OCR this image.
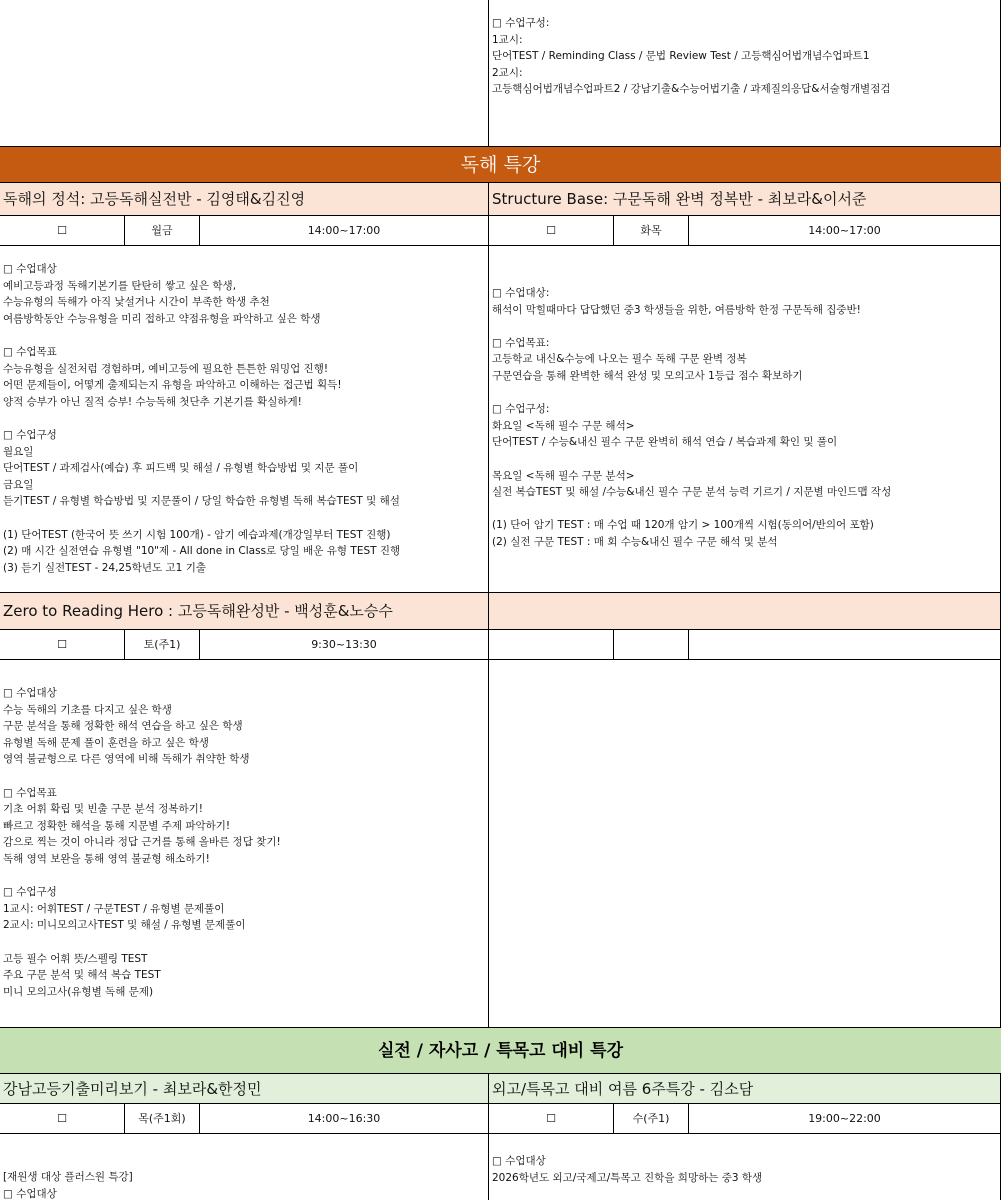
□ 수업구성:
1교시:
단어TEST / Reminding Class / 문법 Review Test / 고등핵심어법개념수업파트1
2교시:
고등핵심어법개념수업파트2 / 강남기출&수능어법기출 / 과제질의응답&서술형개별점검
독해 특강
독해의 정석: 고등독해실전반 - 김영태&김진영	Structure Base: 구문독해 완벽 정복반 - 최보라&이서준
☐	월금	14:00~17:00	☐	화목	14:00~17:00
□ 수업대상
예비고등과정 독해기본기를 탄탄히 쌓고 싶은 학생,
수능유형의 독해가 아직 낯설거나 시간이 부족한 학생 추천
여름방학동안 수능유형을 미리 접하고 약점유형을 파악하고 싶은 학생

□ 수업목표
수능유형을 실전처럼 경험하며, 예비고등에 필요한 튼튼한 워밍업 진행!
어떤 문제들이, 어떻게 출제되는지 유형을 파악하고 이해하는 접근법 획득!
양적 승부가 아닌 질적 승부! 수능독해 첫단추 기본기를 확실하게!

□ 수업구성
월요일
단어TEST / 과제검사(예습) 후 피드백 및 해설 / 유형별 학습방법 및 지문 풀이
금요일
듣기TEST / 유형별 학습방법 및 지문풀이 / 당일 학습한 유형별 독해 복습TEST 및 해설

(1) 단어TEST (한국어 뜻 쓰기 시험 100개) - 암기 예습과제(개강일부터 TEST 진행)
(2) 매 시간 실전연습 유형별 "10"제 - All done in Class로 당일 배운 유형 TEST 진행
(3) 듣기 실전TEST - 24,25학년도 고1 기출
□ 수업대상:
해석이 막힐때마다 답답했던 중3 학생들을 위한, 여름방학 한정 구문독해 집중반!

□ 수업목표:
고등학교 내신&수능에 나오는 필수 독해 구문 완벽 정복
구문연습을 통해 완벽한 해석 완성 및 모의고사 1등급 점수 확보하기

□ 수업구성:
화요일 <독해 필수 구문 해석>
단어TEST / 수능&내신 필수 구문 완벽히 해석 연습 / 복습과제 확인 및 풀이

목요일 <독해 필수 구문 분석>
실전 복습TEST 및 해설 /수능&내신 필수 구문 분석 능력 기르기 / 지문별 마인드맵 작성

(1) 단어 암기 TEST : 매 수업 때 120개 암기 > 100개씩 시험(동의어/반의어 포함)
(2) 실전 구문 TEST : 매 회 수능&내신 필수 구문 해석 및 분석
Zero to Reading Hero : 고등독해완성반 - 백성훈&노승수
☐	토(주1)	9:30~13:30
□ 수업대상
수능 독해의 기초를 다지고 싶은 학생
구문 분석을 통해 정확한 해석 연습을 하고 싶은 학생
유형별 독해 문제 풀이 훈련을 하고 싶은 학생
영역 불균형으로 다른 영역에 비해 독해가 취약한 학생

□ 수업목표
기초 어휘 확립 및 빈출 구문 분석 정복하기!
빠르고 정확한 해석을 통해 지문별 주제 파악하기!
감으로 찍는 것이 아니라 정답 근거를 통해 올바른 정답 찾기!
독해 영역 보완을 통해 영역 불균형 해소하기!

□ 수업구성
1교시: 어휘TEST / 구문TEST / 유형별 문제풀이
2교시: 미니모의고사TEST 및 해설 / 유형별 문제풀이

고등 필수 어휘 뜻/스펠링 TEST
주요 구문 분석 및 해석 복습 TEST
미니 모의고사(유형별 독해 문제)
실전 / 자사고 / 특목고 대비 특강
강남고등기출미리보기 - 최보라&한정민	외고/특목고 대비 여름 6주특강 - 김소담
☐	목(주1회)	14:00~16:30	☐	수(주1)	19:00~22:00
[재원생 대상 플러스원 특강]
□ 수업대상
□ 수업대상
2026학년도 외고/국제고/특목고 진학을 희망하는 중3 학생
